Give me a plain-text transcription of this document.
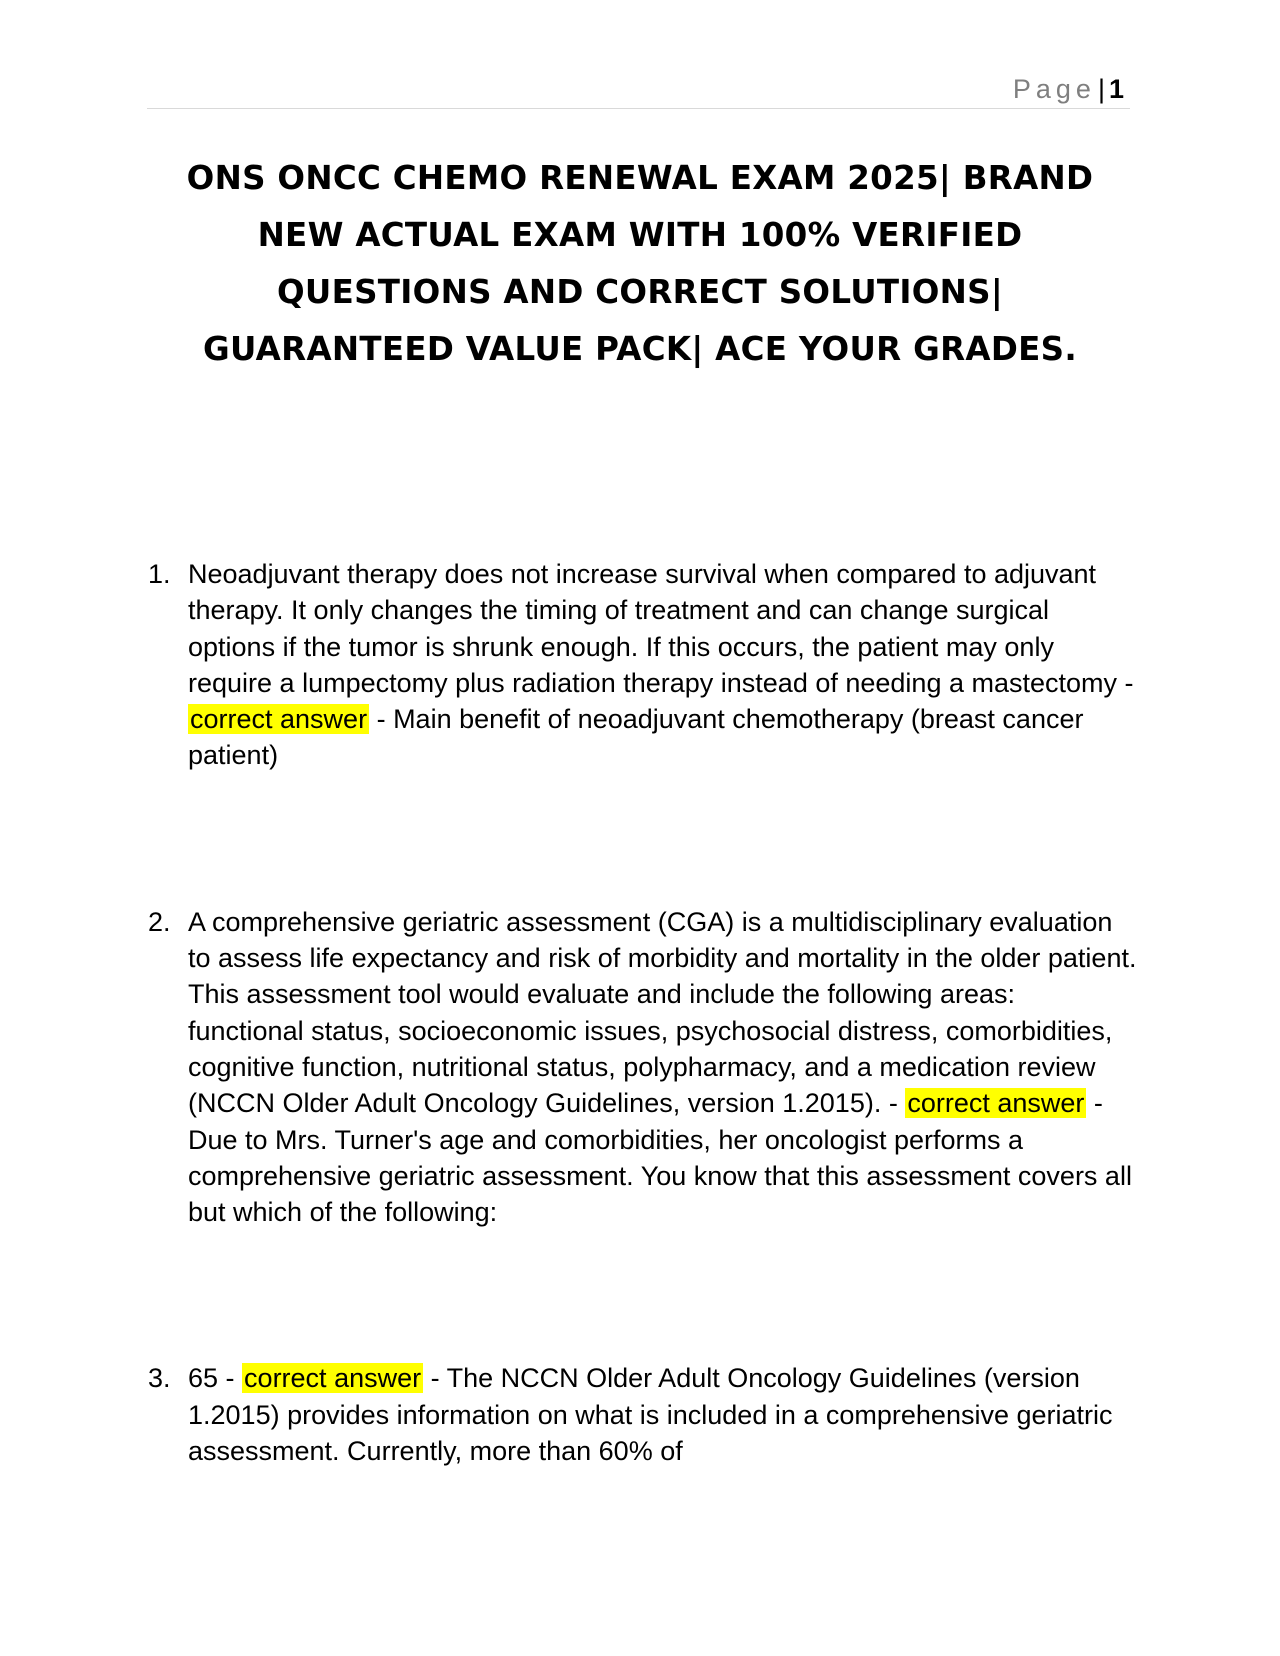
Page| 1
ONS ONCC CHEMO RENEWAL EXAM 2025| BRAND NEW ACTUAL EXAM WITH 100% VERIFIED QUESTIONS AND CORRECT SOLUTIONS| GUARANTEED VALUE PACK| ACE YOUR GRADES.
1. Neoadjuvant therapy does not increase survival when compared to adjuvant therapy. It only changes the timing of treatment and can change surgical options if the tumor is shrunk enough. If this occurs, the patient may only require a lumpectomy plus radiation therapy instead of needing a mastectomy - correct answer - Main benefit of neoadjuvant chemotherapy (breast cancer patient)
2. A comprehensive geriatric assessment (CGA) is a multidisciplinary evaluation to assess life expectancy and risk of morbidity and mortality in the older patient. This assessment tool would evaluate and include the following areas: functional status, socioeconomic issues, psychosocial distress, comorbidities, cognitive function, nutritional status, polypharmacy, and a medication review (NCCN Older Adult Oncology Guidelines, version 1.2015). - correct answer - Due to Mrs. Turner's age and comorbidities, her oncologist performs a comprehensive geriatric assessment. You know that this assessment covers all but which of the following:
3. 65 - correct answer - The NCCN Older Adult Oncology Guidelines (version 1.2015) provides information on what is included in a comprehensive geriatric assessment. Currently, more than 60% of
